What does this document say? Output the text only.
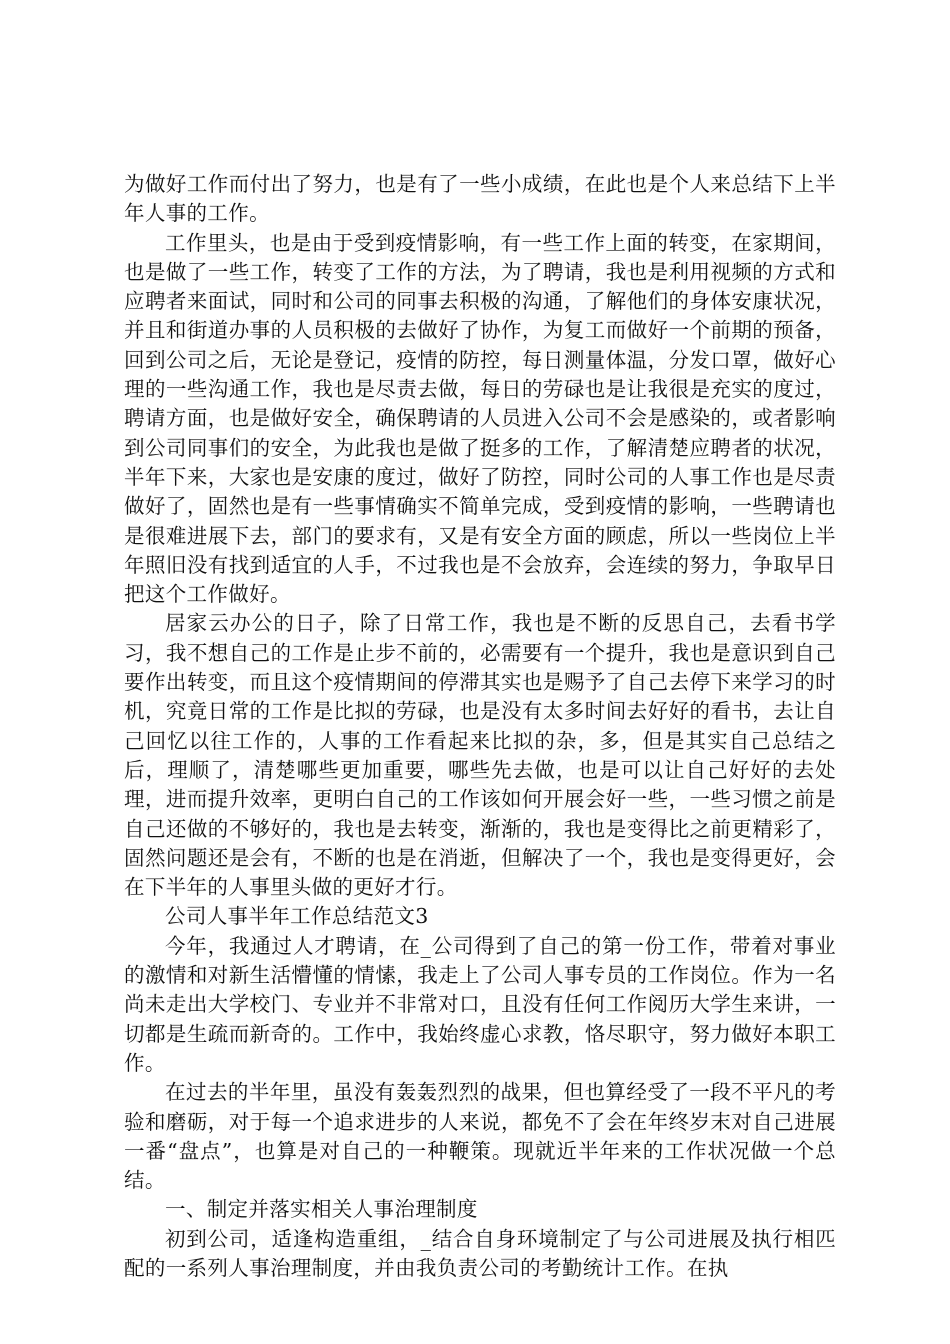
为做好工作而付出了努力，也是有了一些小成绩，在此也是个人来总结下上半年人事的工作。

工作里头，也是由于受到疫情影响，有一些工作上面的转变，在家期间，也是做了一些工作，转变了工作的方法，为了聘请，我也是利用视频的方式和应聘者来面试，同时和公司的同事去积极的沟通，了解他们的身体安康状况，并且和街道办事的人员积极的去做好了协作，为复工而做好一个前期的预备，回到公司之后，无论是登记，疫情的防控，每日测量体温，分发口罩，做好心理的一些沟通工作，我也是尽责去做，每日的劳碌也是让我很是充实的度过，聘请方面，也是做好安全，确保聘请的人员进入公司不会是感染的，或者影响到公司同事们的安全，为此我也是做了挺多的工作，了解清楚应聘者的状况，半年下来，大家也是安康的度过，做好了防控，同时公司的人事工作也是尽责做好了，固然也是有一些事情确实不简单完成，受到疫情的影响，一些聘请也是很难进展下去，部门的要求有，又是有安全方面的顾虑，所以一些岗位上半年照旧没有找到适宜的人手，不过我也是不会放弃，会连续的努力，争取早日把这个工作做好。

居家云办公的日子，除了日常工作，我也是不断的反思自己，去看书学习，我不想自己的工作是止步不前的，必需要有一个提升，我也是意识到自己要作出转变，而且这个疫情期间的停滞其实也是赐予了自己去停下来学习的时机，究竟日常的工作是比拟的劳碌，也是没有太多时间去好好的看书，去让自己回忆以往工作的，人事的工作看起来比拟的杂，多，但是其实自己总结之后，理顺了，清楚哪些更加重要，哪些先去做，也是可以让自己好好的去处理，进而提升效率，更明白自己的工作该如何开展会好一些，一些习惯之前是自己还做的不够好的，我也是去转变，渐渐的，我也是变得比之前更精彩了，固然问题还是会有，不断的也是在消逝，但解决了一个，我也是变得更好，会在下半年的人事里头做的更好才行。

公司人事半年工作总结范文3

今年，我通过人才聘请，在_公司得到了自己的第一份工作，带着对事业的激情和对新生活懵懂的情愫，我走上了公司人事专员的工作岗位。作为一名尚未走出大学校门、专业并不非常对口，且没有任何工作阅历大学生来讲，一切都是生疏而新奇的。工作中，我始终虚心求教，恪尽职守，努力做好本职工作。

在过去的半年里，虽没有轰轰烈烈的战果，但也算经受了一段不平凡的考验和磨砺，对于每一个追求进步的人来说，都免不了会在年终岁末对自己进展一番“盘点”，也算是对自己的一种鞭策。现就近半年来的工作状况做一个总结。

一、制定并落实相关人事治理制度

初到公司，适逢构造重组，_结合自身环境制定了与公司进展及执行相匹配的一系列人事治理制度，并由我负责公司的考勤统计工作。在执
